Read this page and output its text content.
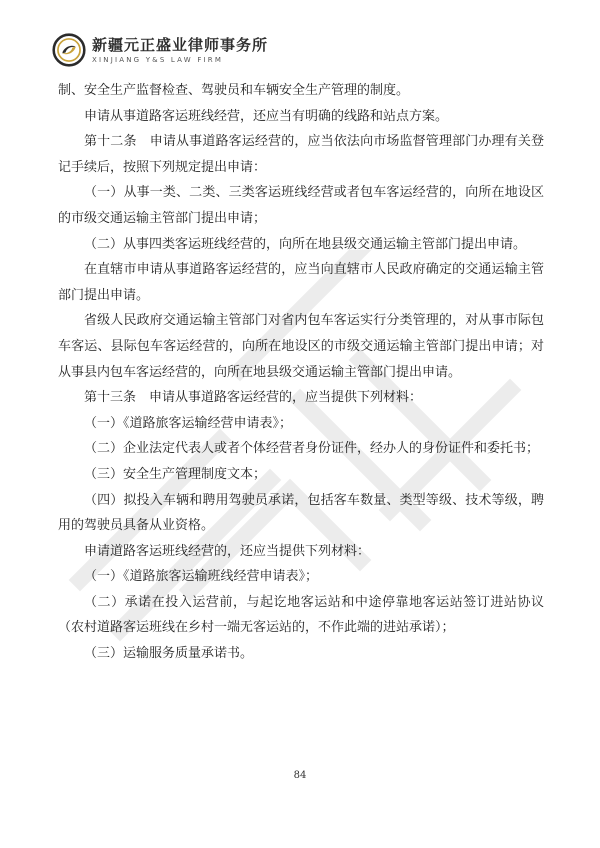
新疆元正盛业律师事务所
XINJIANG Y&S LAW FIRM

制、安全生产监督检查、驾驶员和车辆安全生产管理的制度。

申请从事道路客运班线经营，还应当有明确的线路和站点方案。

第十二条　申请从事道路客运经营的，应当依法向市场监督管理部门办理有关登记手续后，按照下列规定提出申请：

（一）从事一类、二类、三类客运班线经营或者包车客运经营的，向所在地设区的市级交通运输主管部门提出申请；

（二）从事四类客运班线经营的，向所在地县级交通运输主管部门提出申请。

在直辖市申请从事道路客运经营的，应当向直辖市人民政府确定的交通运输主管部门提出申请。

省级人民政府交通运输主管部门对省内包车客运实行分类管理的，对从事市际包车客运、县际包车客运经营的，向所在地设区的市级交通运输主管部门提出申请；对从事县内包车客运经营的，向所在地县级交通运输主管部门提出申请。

第十三条　申请从事道路客运经营的，应当提供下列材料：

（一）《道路旅客运输经营申请表》；

（二）企业法定代表人或者个体经营者身份证件，经办人的身份证件和委托书；

（三）安全生产管理制度文本；

（四）拟投入车辆和聘用驾驶员承诺，包括客车数量、类型等级、技术等级，聘用的驾驶员具备从业资格。

申请道路客运班线经营的，还应当提供下列材料：

（一）《道路旅客运输班线经营申请表》；

（二）承诺在投入运营前，与起讫地客运站和中途停靠地客运站签订进站协议（农村道路客运班线在乡村一端无客运站的，不作此端的进站承诺）；

（三）运输服务质量承诺书。

84
